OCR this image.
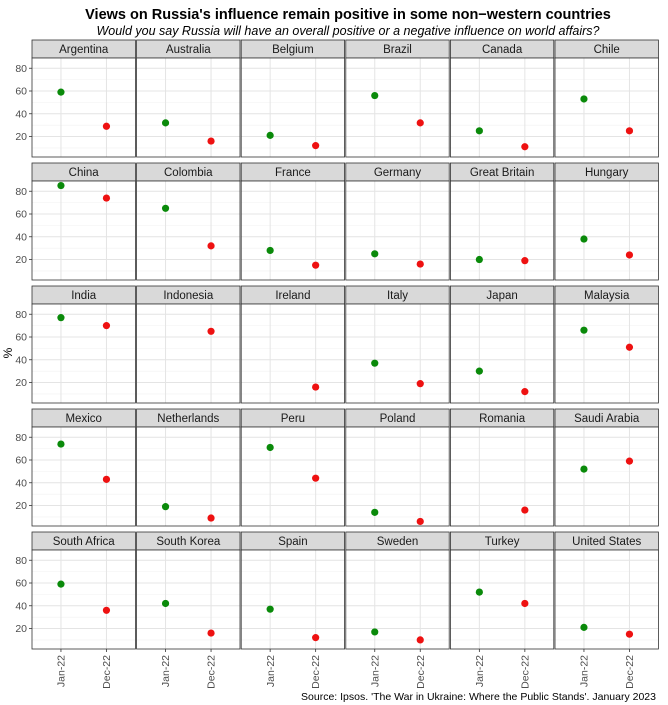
Views on Russia's influence remain positive in some non−western countries
Would you say Russia will have an overall positive or a negative influence on world affairs?
%
Argentina
20
40
60
80
Australia	Belgium	Brazil	Canada	Chile
China
20
40
60
80
Colombia	France	Germany	Great Britain	Hungary
India
20
40
60
80
Indonesia	Ireland	Italy	Japan	Malaysia
Mexico
20
40
60
80
Netherlands	Peru	Poland	Romania	Saudi Arabia
South Africa
20
40
60
80
Jan-22	Dec-22
South Korea
Jan-22	Dec-22
Spain
Jan-22	Dec-22
Sweden
Jan-22	Dec-22
Turkey
Jan-22	Dec-22
United States
Jan-22	Dec-22
Source: Ipsos. 'The War in Ukraine: Where the Public Stands'. January 2023
